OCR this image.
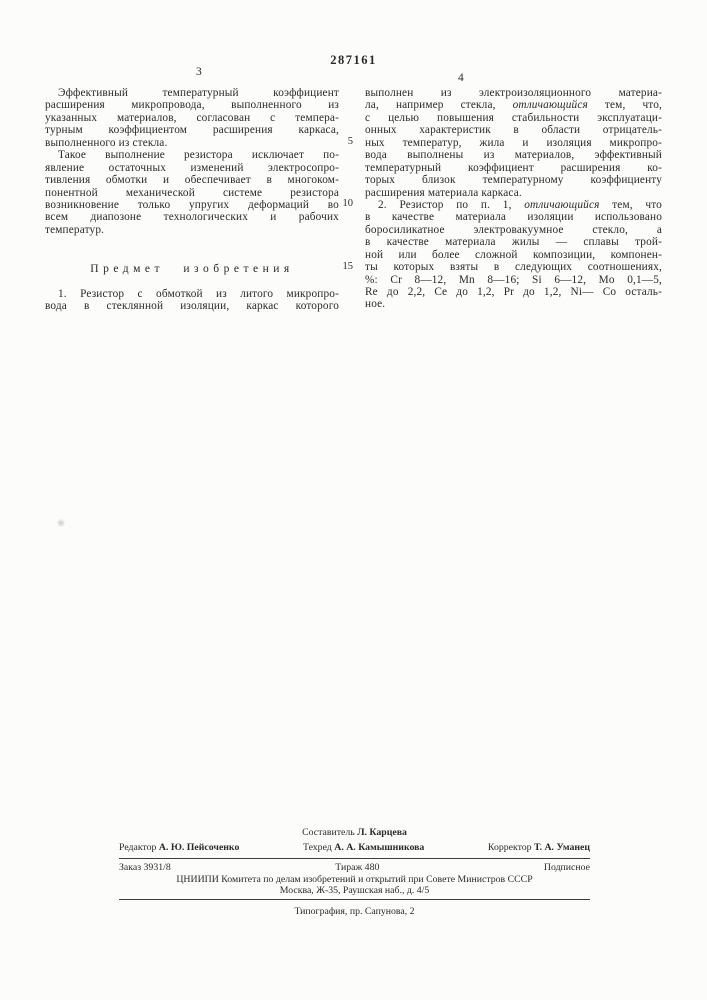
287161
3	4
Эффективный температурный коэффициент
расширения микропровода, выполненного из
указанных материалов, согласован с темпера-
турным коэффициентом расширения каркаса,
выполненного из стекла.
Такое выполнение резистора исключает по-
явление остаточных изменений электросопро-
тивления обмотки и обеспечивает в многоком-
понентной механической системе резистора
возникновение только упругих деформаций во
всем диапозоне технологических и рабочих
температур.
Предмет изобретения
1. Резистор с обмоткой из литого микропро-
вода в стеклянной изоляции, каркас которого
выполнен из электроизоляционного материа-
ла, например стекла, отличающийся тем, что,
с целью повышения стабильности эксплуатаци-
онных характеристик в области отрицатель-
ных температур, жила и изоляция микропро-
вода выполнены из материалов, эффективный
температурный коэффициент расширения ко-
торых близок температурному коэффициенту
расширения материала каркаса.
2. Резистор по п. 1, отличающийся тем, что
в качестве материала изоляции использовано
боросиликатное электровакуумное стекло, а
в качестве материала жилы — сплавы трой-
ной или более сложной композиции, компонен-
ты которых взяты в следующих соотношениях,
%: Cr 8—12, Mn 8—16; Si 6—12, Mo 0,1—5,
Re до 2,2, Ce до 1,2, Pr до 1,2, Ni— Co осталь-
ное.
5
10
15
Составитель Л. Карцева
Редактор А. Ю. Пейсоченко	Техред А. А. Камышникова	Корректор Т. А. Уманец
Заказ 3931/8	Тираж 480	Подписное
ЦНИИПИ Комитета по делам изобретений и открытий при Совете Министров СССР
Москва, Ж-35, Раушская наб., д. 4/5
Типография, пр. Сапунова, 2
